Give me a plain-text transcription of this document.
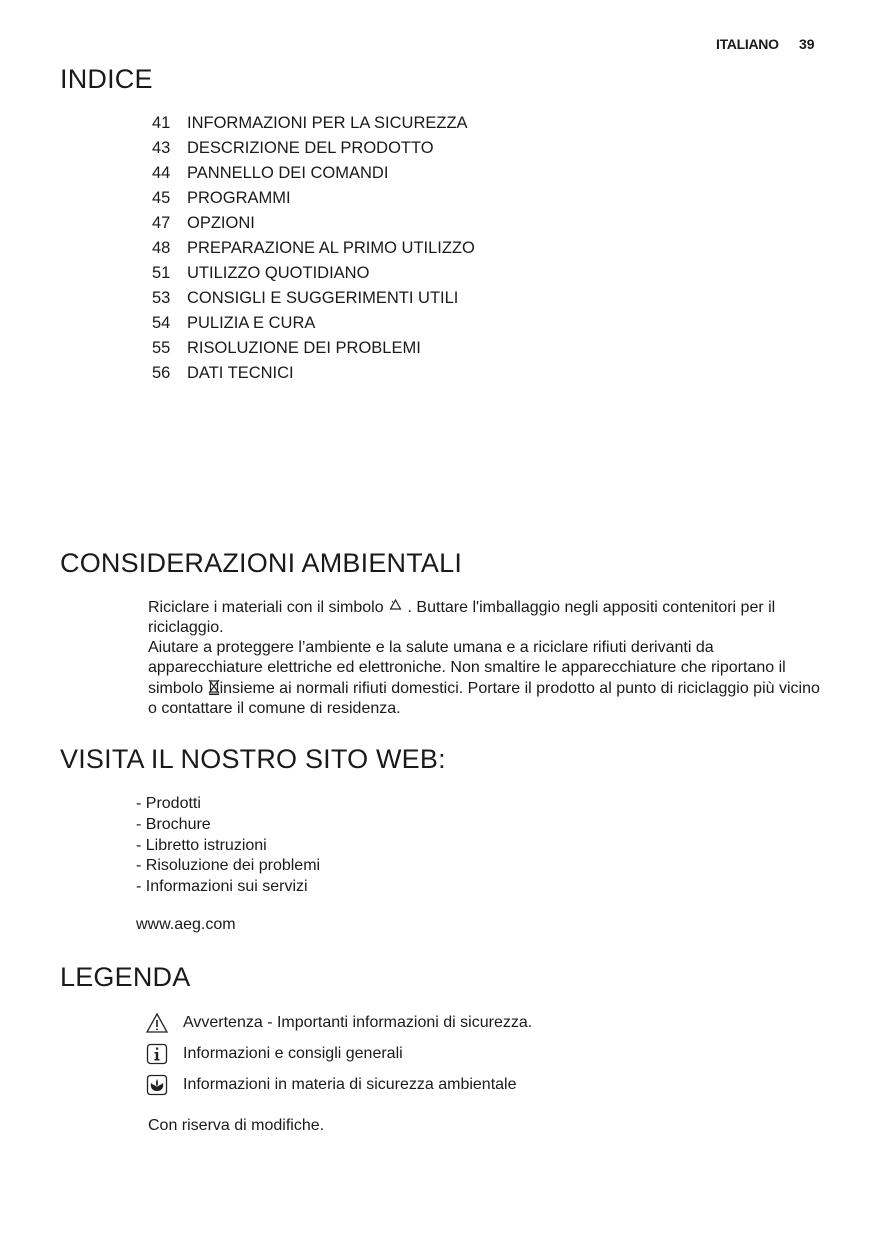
ITALIANO 39
INDICE
41	INFORMAZIONI PER LA SICUREZZA
43	DESCRIZIONE DEL PRODOTTO
44	PANNELLO DEI COMANDI
45	PROGRAMMI
47	OPZIONI
48	PREPARAZIONE AL PRIMO UTILIZZO
51	UTILIZZO QUOTIDIANO
53	CONSIGLI E SUGGERIMENTI UTILI
54	PULIZIA E CURA
55	RISOLUZIONE DEI PROBLEMI
56	DATI TECNICI
CONSIDERAZIONI AMBIENTALI

Riciclare i materiali con il simbolo . Buttare l'imballaggio negli appositi contenitori per il riciclaggio.

Aiutare a proteggere l’ambiente e la salute umana e a riciclare rifiuti derivanti da apparecchiature elettriche ed elettroniche. Non smaltire le apparecchiature che riportano il simbolo insieme ai normali rifiuti domestici. Portare il prodotto al punto di riciclaggio più vicino o contattare il comune di residenza.

VISITA IL NOSTRO SITO WEB:
- Prodotti
- Brochure
- Libretto istruzioni
- Risoluzione dei problemi
- Informazioni sui servizi
www.aeg.com
LEGENDA
Avvertenza - Importanti informazioni di sicurezza.
Informazioni e consigli generali
Informazioni in materia di sicurezza ambientale
Con riserva di modifiche.
